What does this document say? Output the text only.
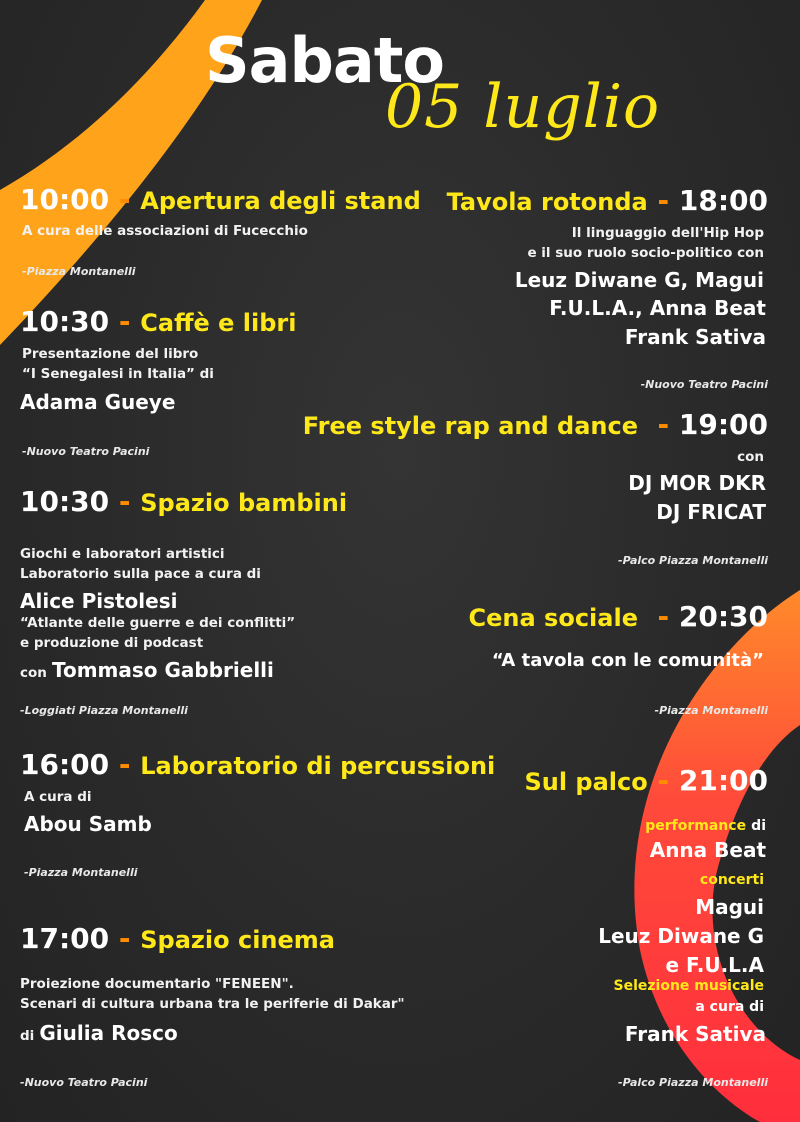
Sabato
05 luglio
10:00 - Apertura degli stand
A cura delle associazioni di Fucecchio
-Piazza Montanelli
10:30 - Caffè e libri
Presentazione del libro
“I Senegalesi in Italia” di
Adama Gueye
-Nuovo Teatro Pacini
10:30 - Spazio bambini
Giochi e laboratori artistici
Laboratorio sulla pace a cura di
Alice Pistolesi
“Atlante delle guerre e dei conflitti”
e produzione di podcast
con
Tommaso Gabbrielli
-Loggiati Piazza Montanelli
16:00 - Laboratorio di percussioni
A cura di
Abou Samb
-Piazza Montanelli
17:00 - Spazio cinema
Proiezione documentario "FENEEN".
Scenari di cultura urbana tra le periferie di Dakar"
di
Giulia Rosco
-Nuovo Teatro Pacini
Tavola rotonda - 18:00
Il linguaggio dell'Hip Hop
e il suo ruolo socio-politico con
Leuz Diwane G, Magui
F.U.L.A., Anna Beat
Frank Sativa
-Nuovo Teatro Pacini
Free style rap and dance - 19:00
con
DJ MOR DKR
DJ FRICAT
-Palco Piazza Montanelli
Cena sociale - 20:30
“A tavola con le comunità”
-Piazza Montanelli
Sul palco - 21:00
performance
di
Anna Beat
concerti
Magui
Leuz Diwane G
e F.U.L.A
Selezione musicale
a cura di
Frank Sativa
-Palco Piazza Montanelli
